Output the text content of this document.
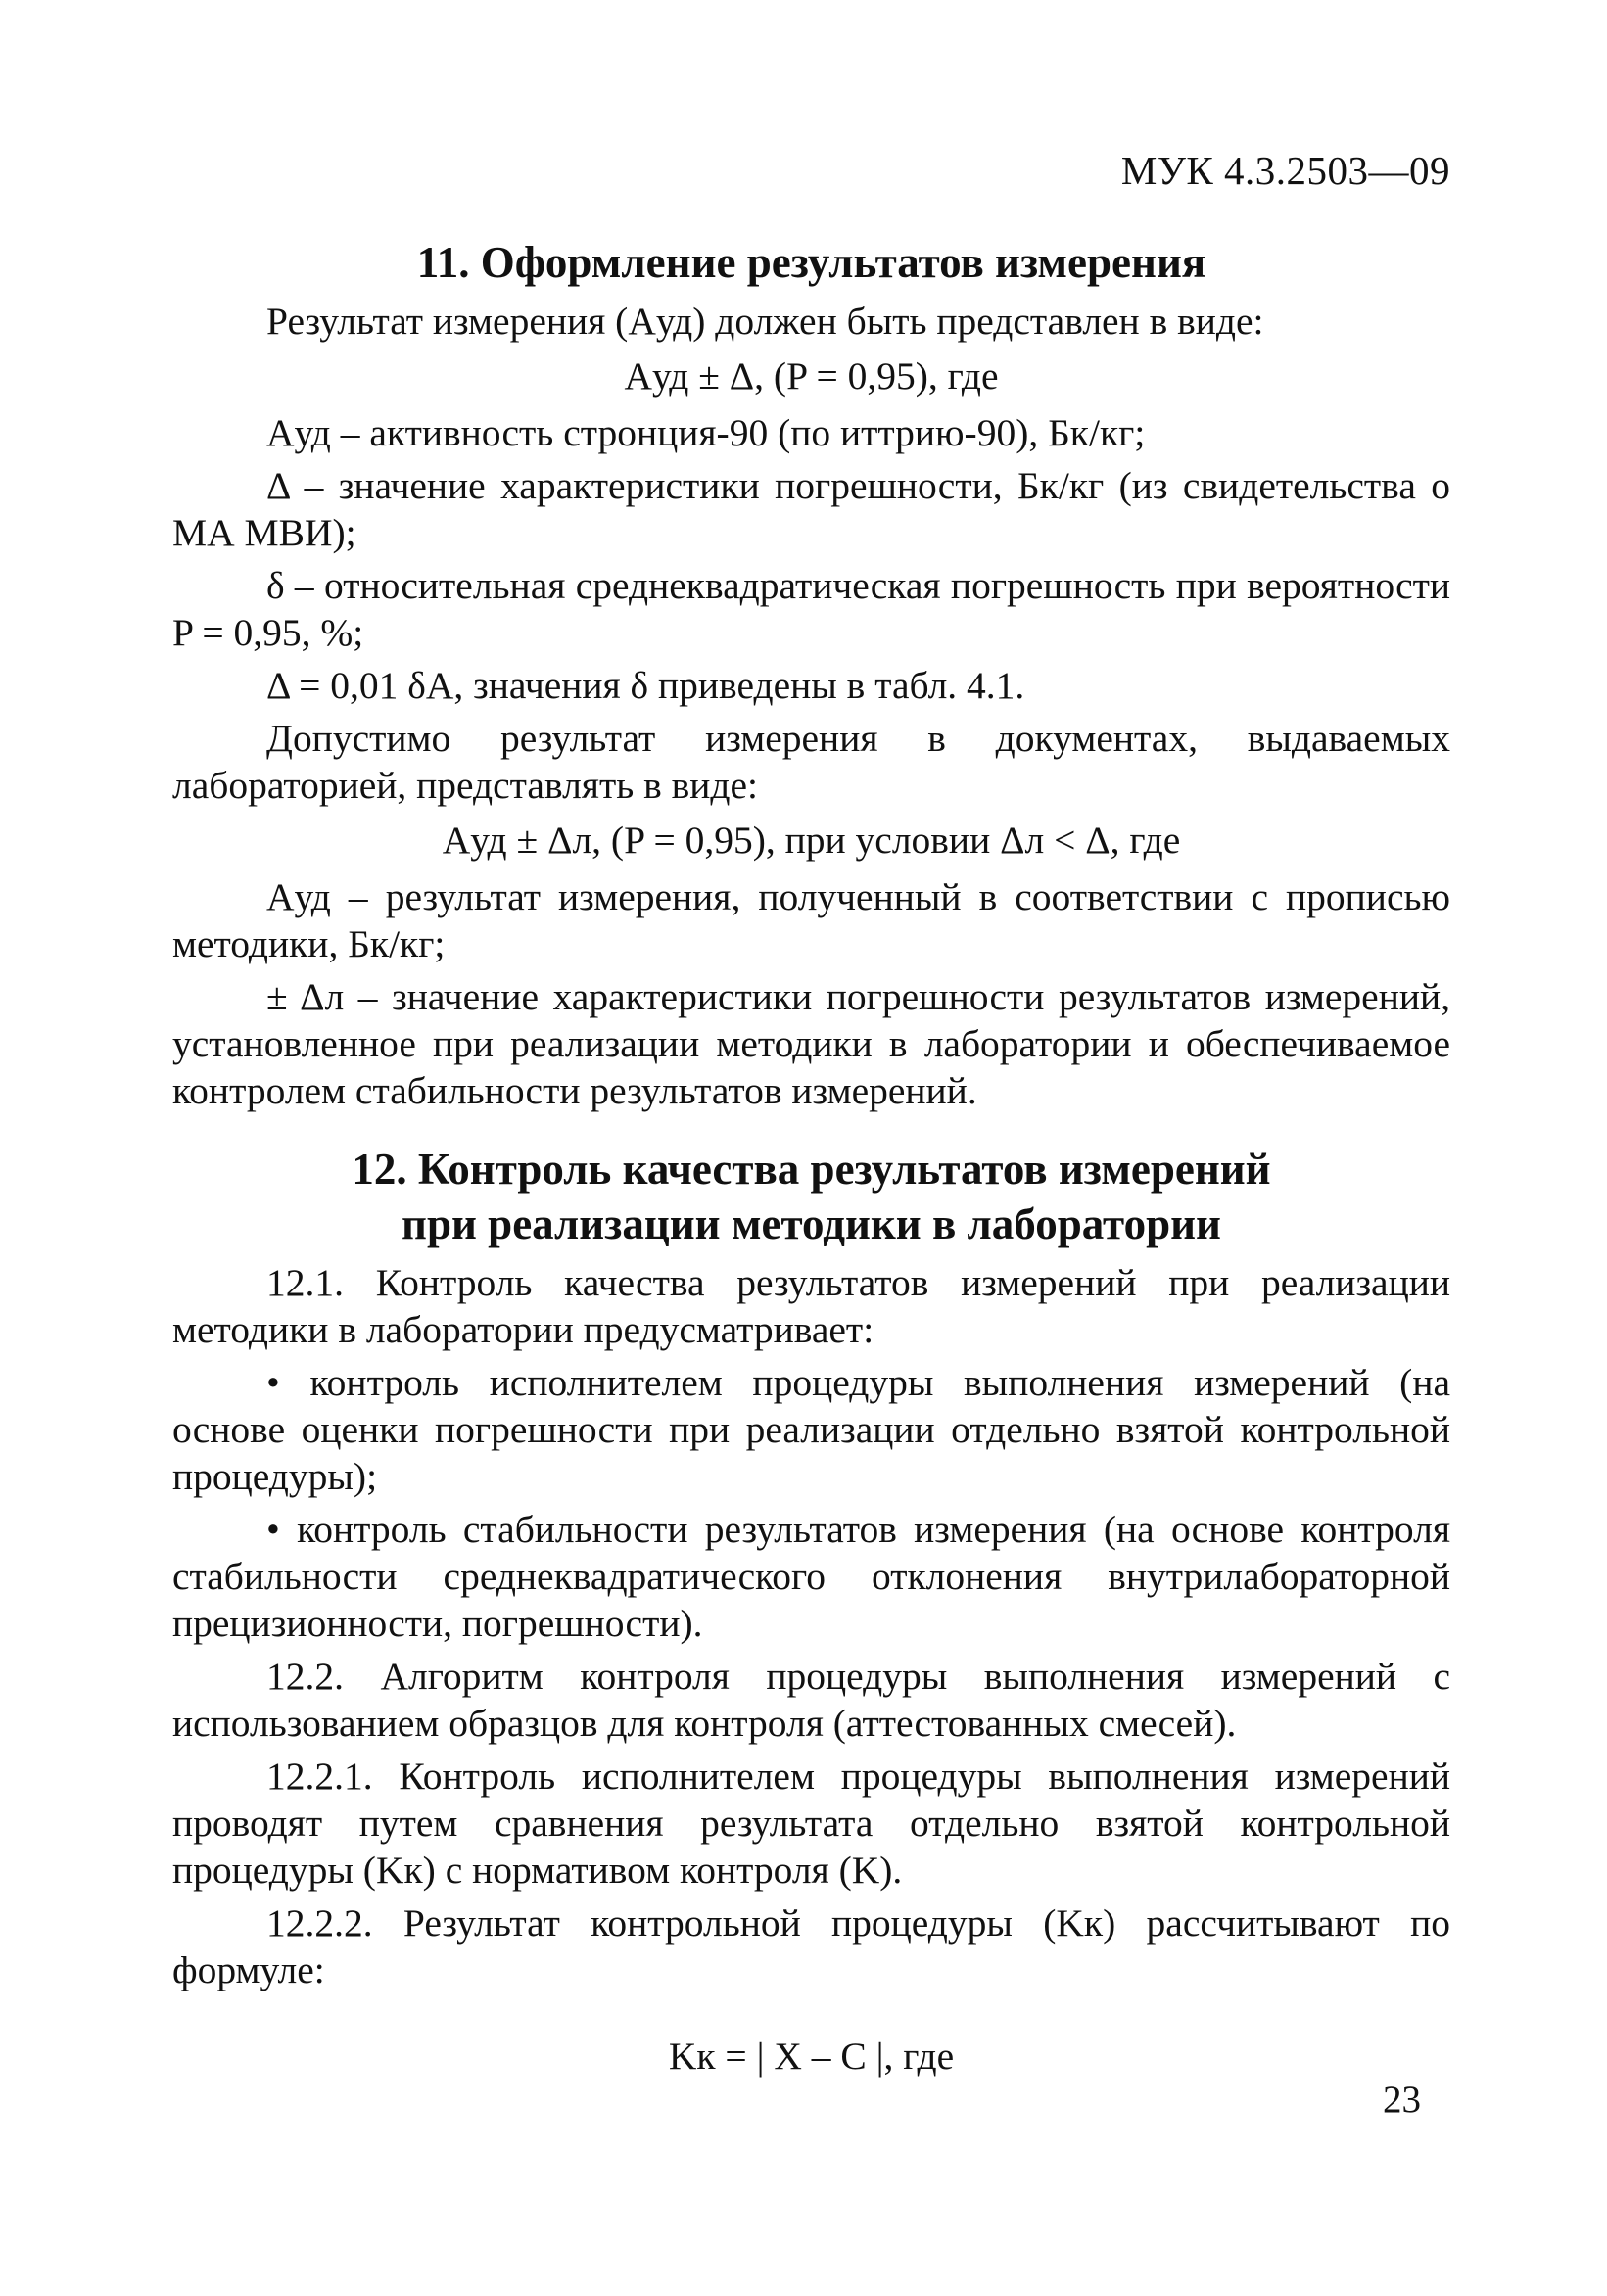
МУК 4.3.2503—09
11. Оформление результатов измерения

Результат измерения (Aуд) должен быть представлен в виде:

Aуд ± Δ, (P = 0,95), где

Aуд – активность стронция-90 (по иттрию-90), Бк/кг;

Δ – значение характеристики погрешности, Бк/кг (из свидетельства о МА МВИ);

δ – относительная среднеквадратическая погрешность при вероятности P = 0,95, %;

Δ = 0,01 δA, значения δ приведены в табл. 4.1.

Допустимо результат измерения в документах, выдаваемых лабораторией, представлять в виде:

Aуд ± Δл, (P = 0,95), при условии Δл < Δ, где

Aуд – результат измерения, полученный в соответствии с прописью методики, Бк/кг;

± Δл – значение характеристики погрешности результатов измерений, установленное при реализации методики в лаборатории и обеспечиваемое контролем стабильности результатов измерений.

12. Контроль качества результатов измерений
при реализации методики в лаборатории

12.1. Контроль качества результатов измерений при реализации методики в лаборатории предусматривает:

• контроль исполнителем процедуры выполнения измерений (на основе оценки погрешности при реализации отдельно взятой контрольной процедуры);

• контроль стабильности результатов измерения (на основе контроля стабильности среднеквадратического отклонения внутрилабораторной прецизионности, погрешности).

12.2. Алгоритм контроля процедуры выполнения измерений с использованием образцов для контроля (аттестованных смесей).

12.2.1. Контроль исполнителем процедуры выполнения измерений проводят путем сравнения результата отдельно взятой контрольной процедуры (Kк) с нормативом контроля (K).

12.2.2. Результат контрольной процедуры (Kк) рассчитывают по формуле:

Kк = | X – C |, где
23
